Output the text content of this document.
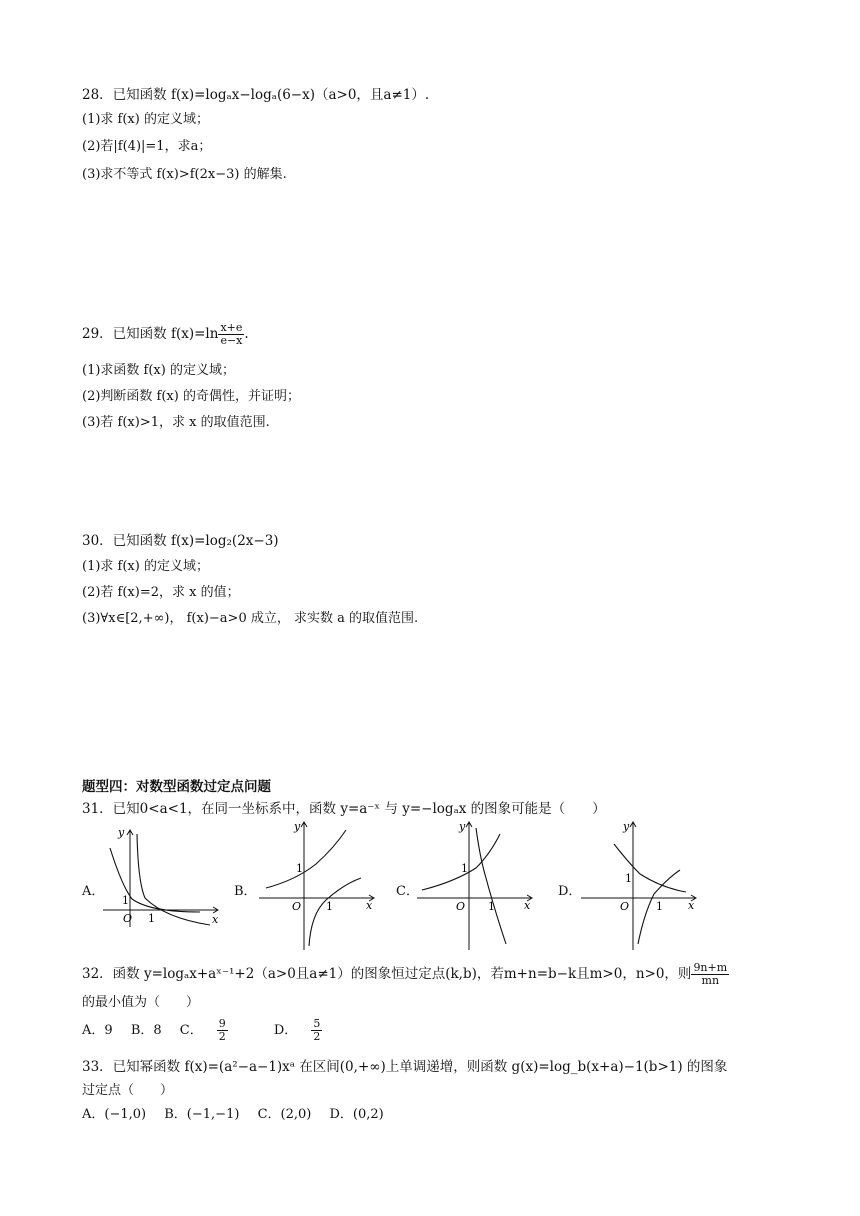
28．已知函数 f(x)=logₐx−logₐ(6−x)（a>0，且a≠1）.
(1)求 f(x) 的定义域；
(2)若|f(4)|=1，求a；
(3)求不等式 f(x)>f(2x−3) 的解集.
29．已知函数 $f(x)=\ln \frac{x+e}{e-x}$ .
(1)求函数 f(x) 的定义域；
(2)判断函数 f(x) 的奇偶性，并证明；
(3)若 f(x)>1，求 x 的取值范围.
30．已知函数 f(x)=log₂(2x−3)
(1)求 f(x) 的定义域；
(2)若 f(x)=2，求 x 的值；
(3)∀x∈[2,+∞)， f(x)−a>0 成立， 求实数 a 的取值范围.
题型四：对数型函数过定点问题
31．已知0<a<1，在同一坐标系中，函数 y=a⁻ˣ 与 y=−logₐx 的图象可能是（　　）
A．	B．	C．	D．
y
x
O
1
1
y
x
O
1
1
y
x
O
1
1
y
x
O
1
1
32．函数 y=logₐx+aˣ⁻¹+2（a>0且a≠1）的图象恒过定点(k,b)，若m+n=b−k且m>0，n>0，则 $\frac{9n+m}{mn}$
的最小值为（　　）
A．9 B．8 C． $\frac{9}{2}$ D． $\frac{5}{2}$
33．已知幂函数 f(x)=(a²−a−1)xᵃ 在区间(0,+∞)上单调递增，则函数 g(x)=log_b(x+a)−1(b>1) 的图象
过定点（　　）
A．(−1,0) B．(−1,−1) C．(2,0) D．(0,2)
